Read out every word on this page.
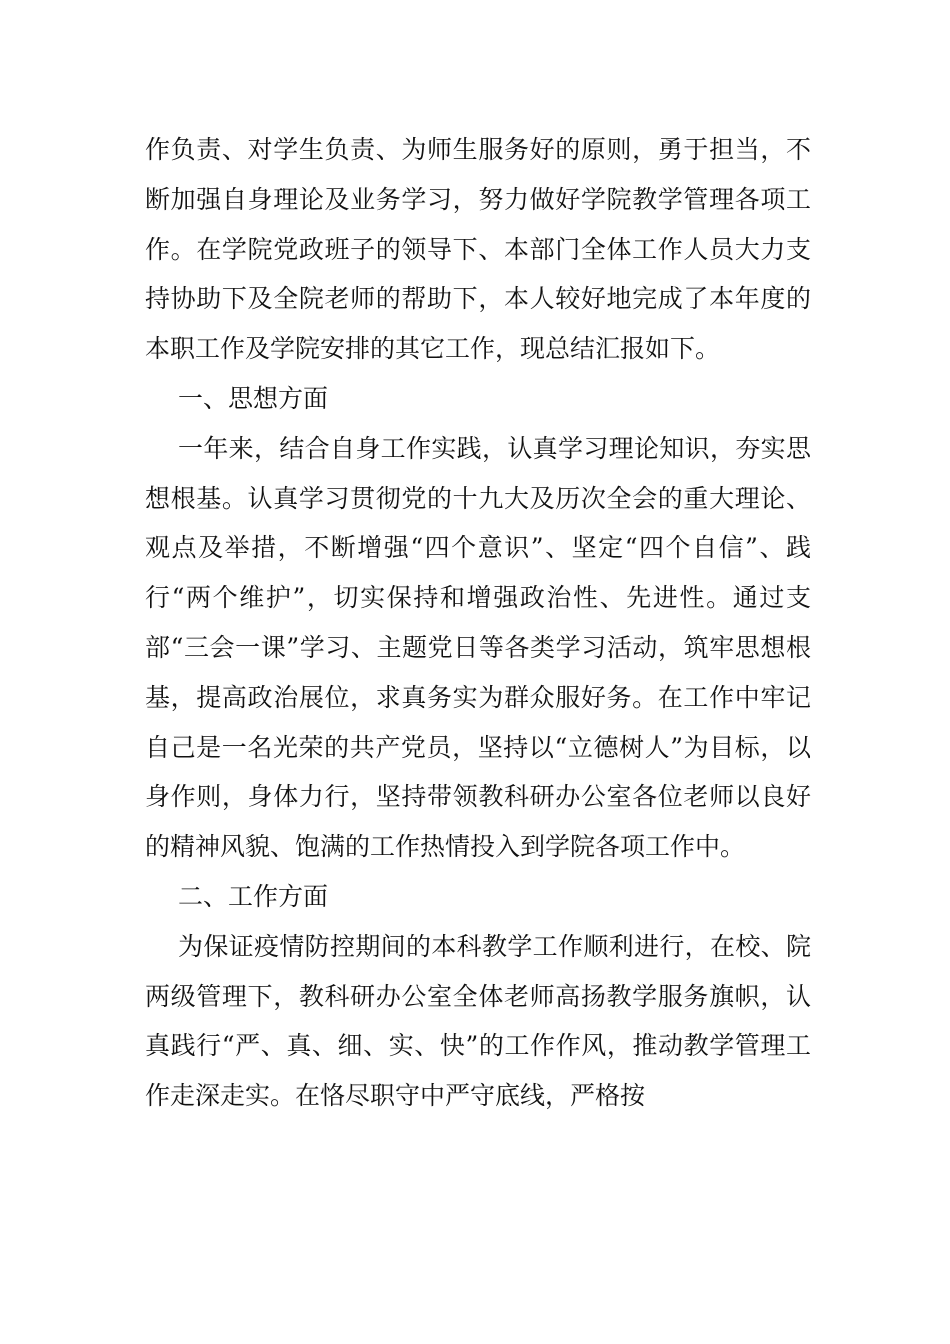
作负责、对学生负责、为师生服务好的原则，勇于担当，不断加强自身理论及业务学习，努力做好学院教学管理各项工作。在学院党政班子的领导下、本部门全体工作人员大力支持协助下及全院老师的帮助下，本人较好地完成了本年度的本职工作及学院安排的其它工作，现总结汇报如下。

一、思想方面

一年来，结合自身工作实践，认真学习理论知识，夯实思想根基。认真学习贯彻党的十九大及历次全会的重大理论、观点及举措，不断增强“四个意识”、坚定“四个自信”、践行“两个维护”，切实保持和增强政治性、先进性。通过支部“三会一课”学习、主题党日等各类学习活动，筑牢思想根基，提高政治展位，求真务实为群众服好务。在工作中牢记自己是一名光荣的共产党员，坚持以“立德树人”为目标，以身作则，身体力行，坚持带领教科研办公室各位老师以良好的精神风貌、饱满的工作热情投入到学院各项工作中。

二、工作方面

为保证疫情防控期间的本科教学工作顺利进行，在校、院两级管理下，教科研办公室全体老师高扬教学服务旗帜，认真践行“严、真、细、实、快”的工作作风，推动教学管理工作走深走实。在恪尽职守中严守底线，严格按
